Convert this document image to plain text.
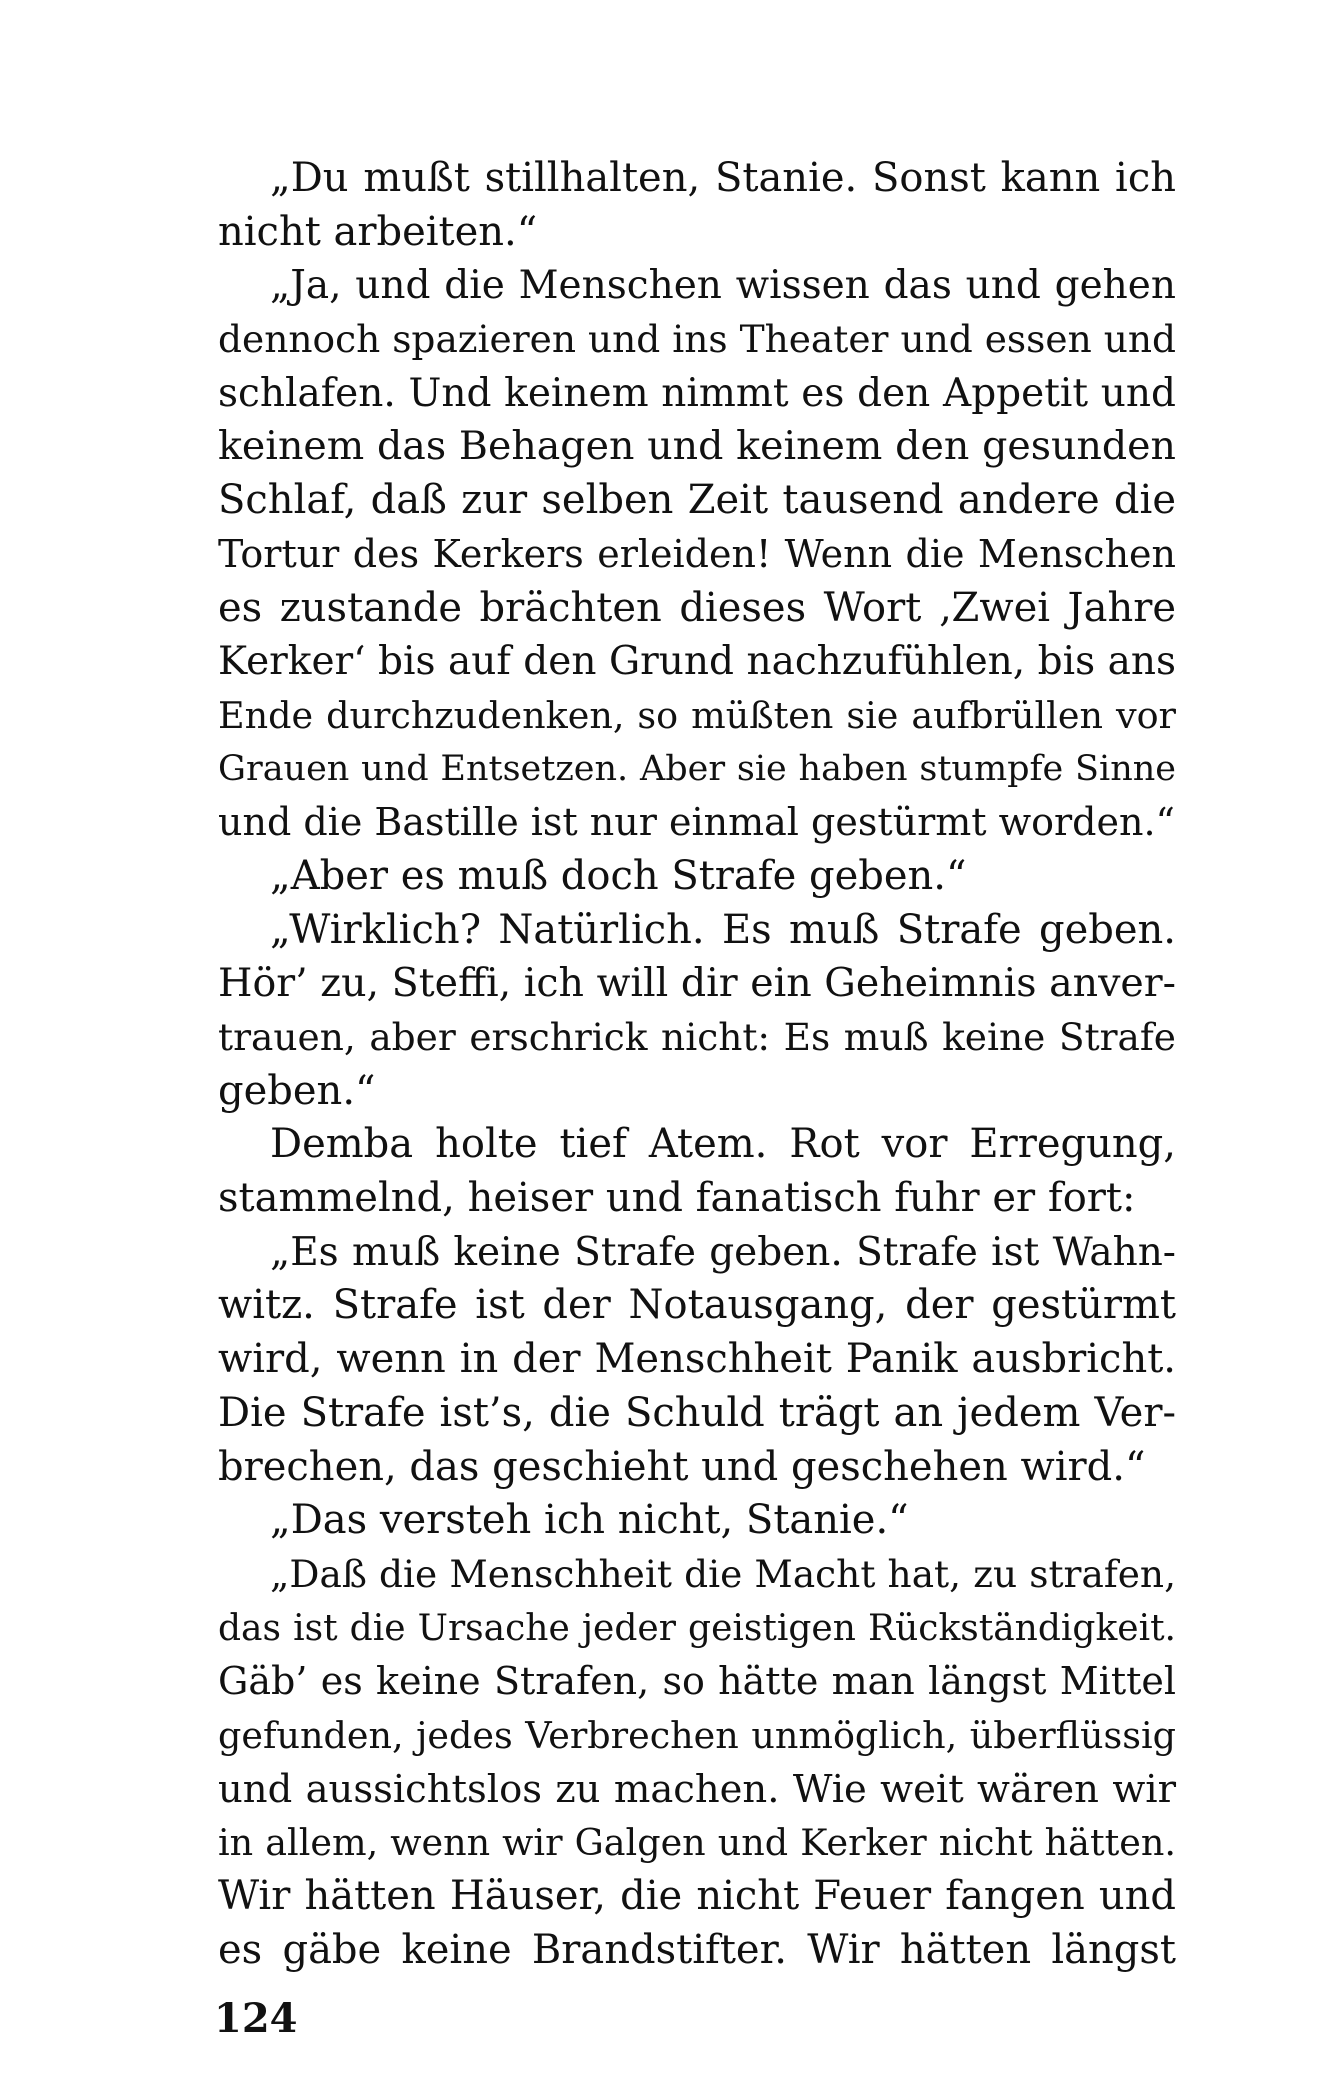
„Du mußt stillhalten, Stanie. Sonst kann ich
nicht arbeiten.“
„Ja, und die Menschen wissen das und gehen
dennoch spazieren und ins Theater und essen und
schlafen. Und keinem nimmt es den Appetit und
keinem das Behagen und keinem den gesunden
Schlaf, daß zur selben Zeit tausend andere die
Tortur des Kerkers erleiden! Wenn die Menschen
es zustande brächten dieses Wort ‚Zwei Jahre
Kerker‘ bis auf den Grund nachzufühlen, bis ans
Ende durchzudenken, so müßten sie aufbrüllen vor
Grauen und Entsetzen. Aber sie haben stumpfe Sinne
und die Bastille ist nur einmal gestürmt worden.“
„Aber es muß doch Strafe geben.“
„Wirklich? Natürlich. Es muß Strafe geben.
Hör’ zu, Steffi, ich will dir ein Geheimnis anver-
trauen, aber erschrick nicht: Es muß keine Strafe
geben.“
Demba holte tief Atem. Rot vor Erregung,
stammelnd, heiser und fanatisch fuhr er fort:
„Es muß keine Strafe geben. Strafe ist Wahn-
witz. Strafe ist der Notausgang, der gestürmt
wird, wenn in der Menschheit Panik ausbricht.
Die Strafe ist’s, die Schuld trägt an jedem Ver-
brechen, das geschieht und geschehen wird.“
„Das versteh ich nicht, Stanie.“
„Daß die Menschheit die Macht hat, zu strafen,
das ist die Ursache jeder geistigen Rückständigkeit.
Gäb’ es keine Strafen, so hätte man längst Mittel
gefunden, jedes Verbrechen unmöglich, überflüssig
und aussichtslos zu machen. Wie weit wären wir
in allem, wenn wir Galgen und Kerker nicht hätten.
Wir hätten Häuser, die nicht Feuer fangen und
es gäbe keine Brandstifter. Wir hätten längst
124
